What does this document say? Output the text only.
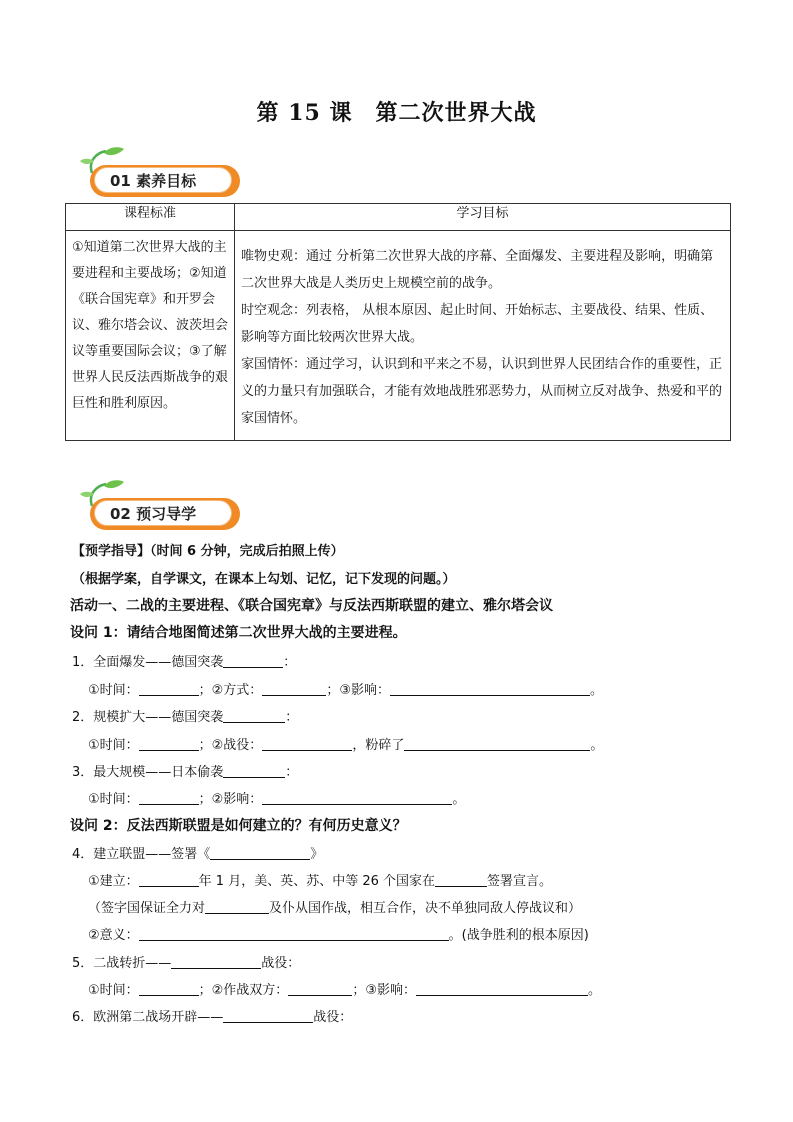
第 15 课　第二次世界大战
01 素养目标
课程标准	学习目标

①知道第二次世界大战的主要进程和主要战场；②知道《联合国宪章》和开罗会议、雅尔塔会议、波茨坦会议等重要国际会议；③了解世界人民反法西斯战争的艰巨性和胜利原因。	唯物史观：通过 分析第二次世界大战的序幕、全面爆发、主要进程及影响，明确第二次世界大战是人类历史上规模空前的战争。

时空观念：列表格， 从根本原因、起止时间、开始标志、主要战役、结果、性质、影响等方面比较两次世界大战。

家国情怀：通过学习，认识到和平来之不易，认识到世界人民团结合作的重要性，正义的力量只有加强联合，才能有效地战胜邪恶势力，从而树立反对战争、热爱和平的家国情怀。

02 预习导学
【预学指导】（时间 6 分钟，完成后拍照上传）
（根据学案，自学课文，在课本上勾划、记忆，记下发现的问题。）
活动一、二战的主要进程、《联合国宪章》与反法西斯联盟的建立、雅尔塔会议
设问 1：请结合地图简述第二次世界大战的主要进程。
1．全面爆发——德国突袭	：
①时间：	；②方式：	；③影响：	。
2．规模扩大——德国突袭	：
①时间：	；②战役：	，粉碎了	。
3．最大规模——日本偷袭	：
①时间：	；②影响：	。
设问 2：反法西斯联盟是如何建立的？有何历史意义？
4．建立联盟——签署《	》
①建立：	年 1 月，美、英、苏、中等 26 个国家在	签署宣言。
（签字国保证全力对	及仆从国作战，相互合作，决不单独同敌人停战议和）
②意义：	。(战争胜利的根本原因)
5．二战转折——	战役：
①时间：	；②作战双方：	；③影响：	。
6．欧洲第二战场开辟——	战役：
